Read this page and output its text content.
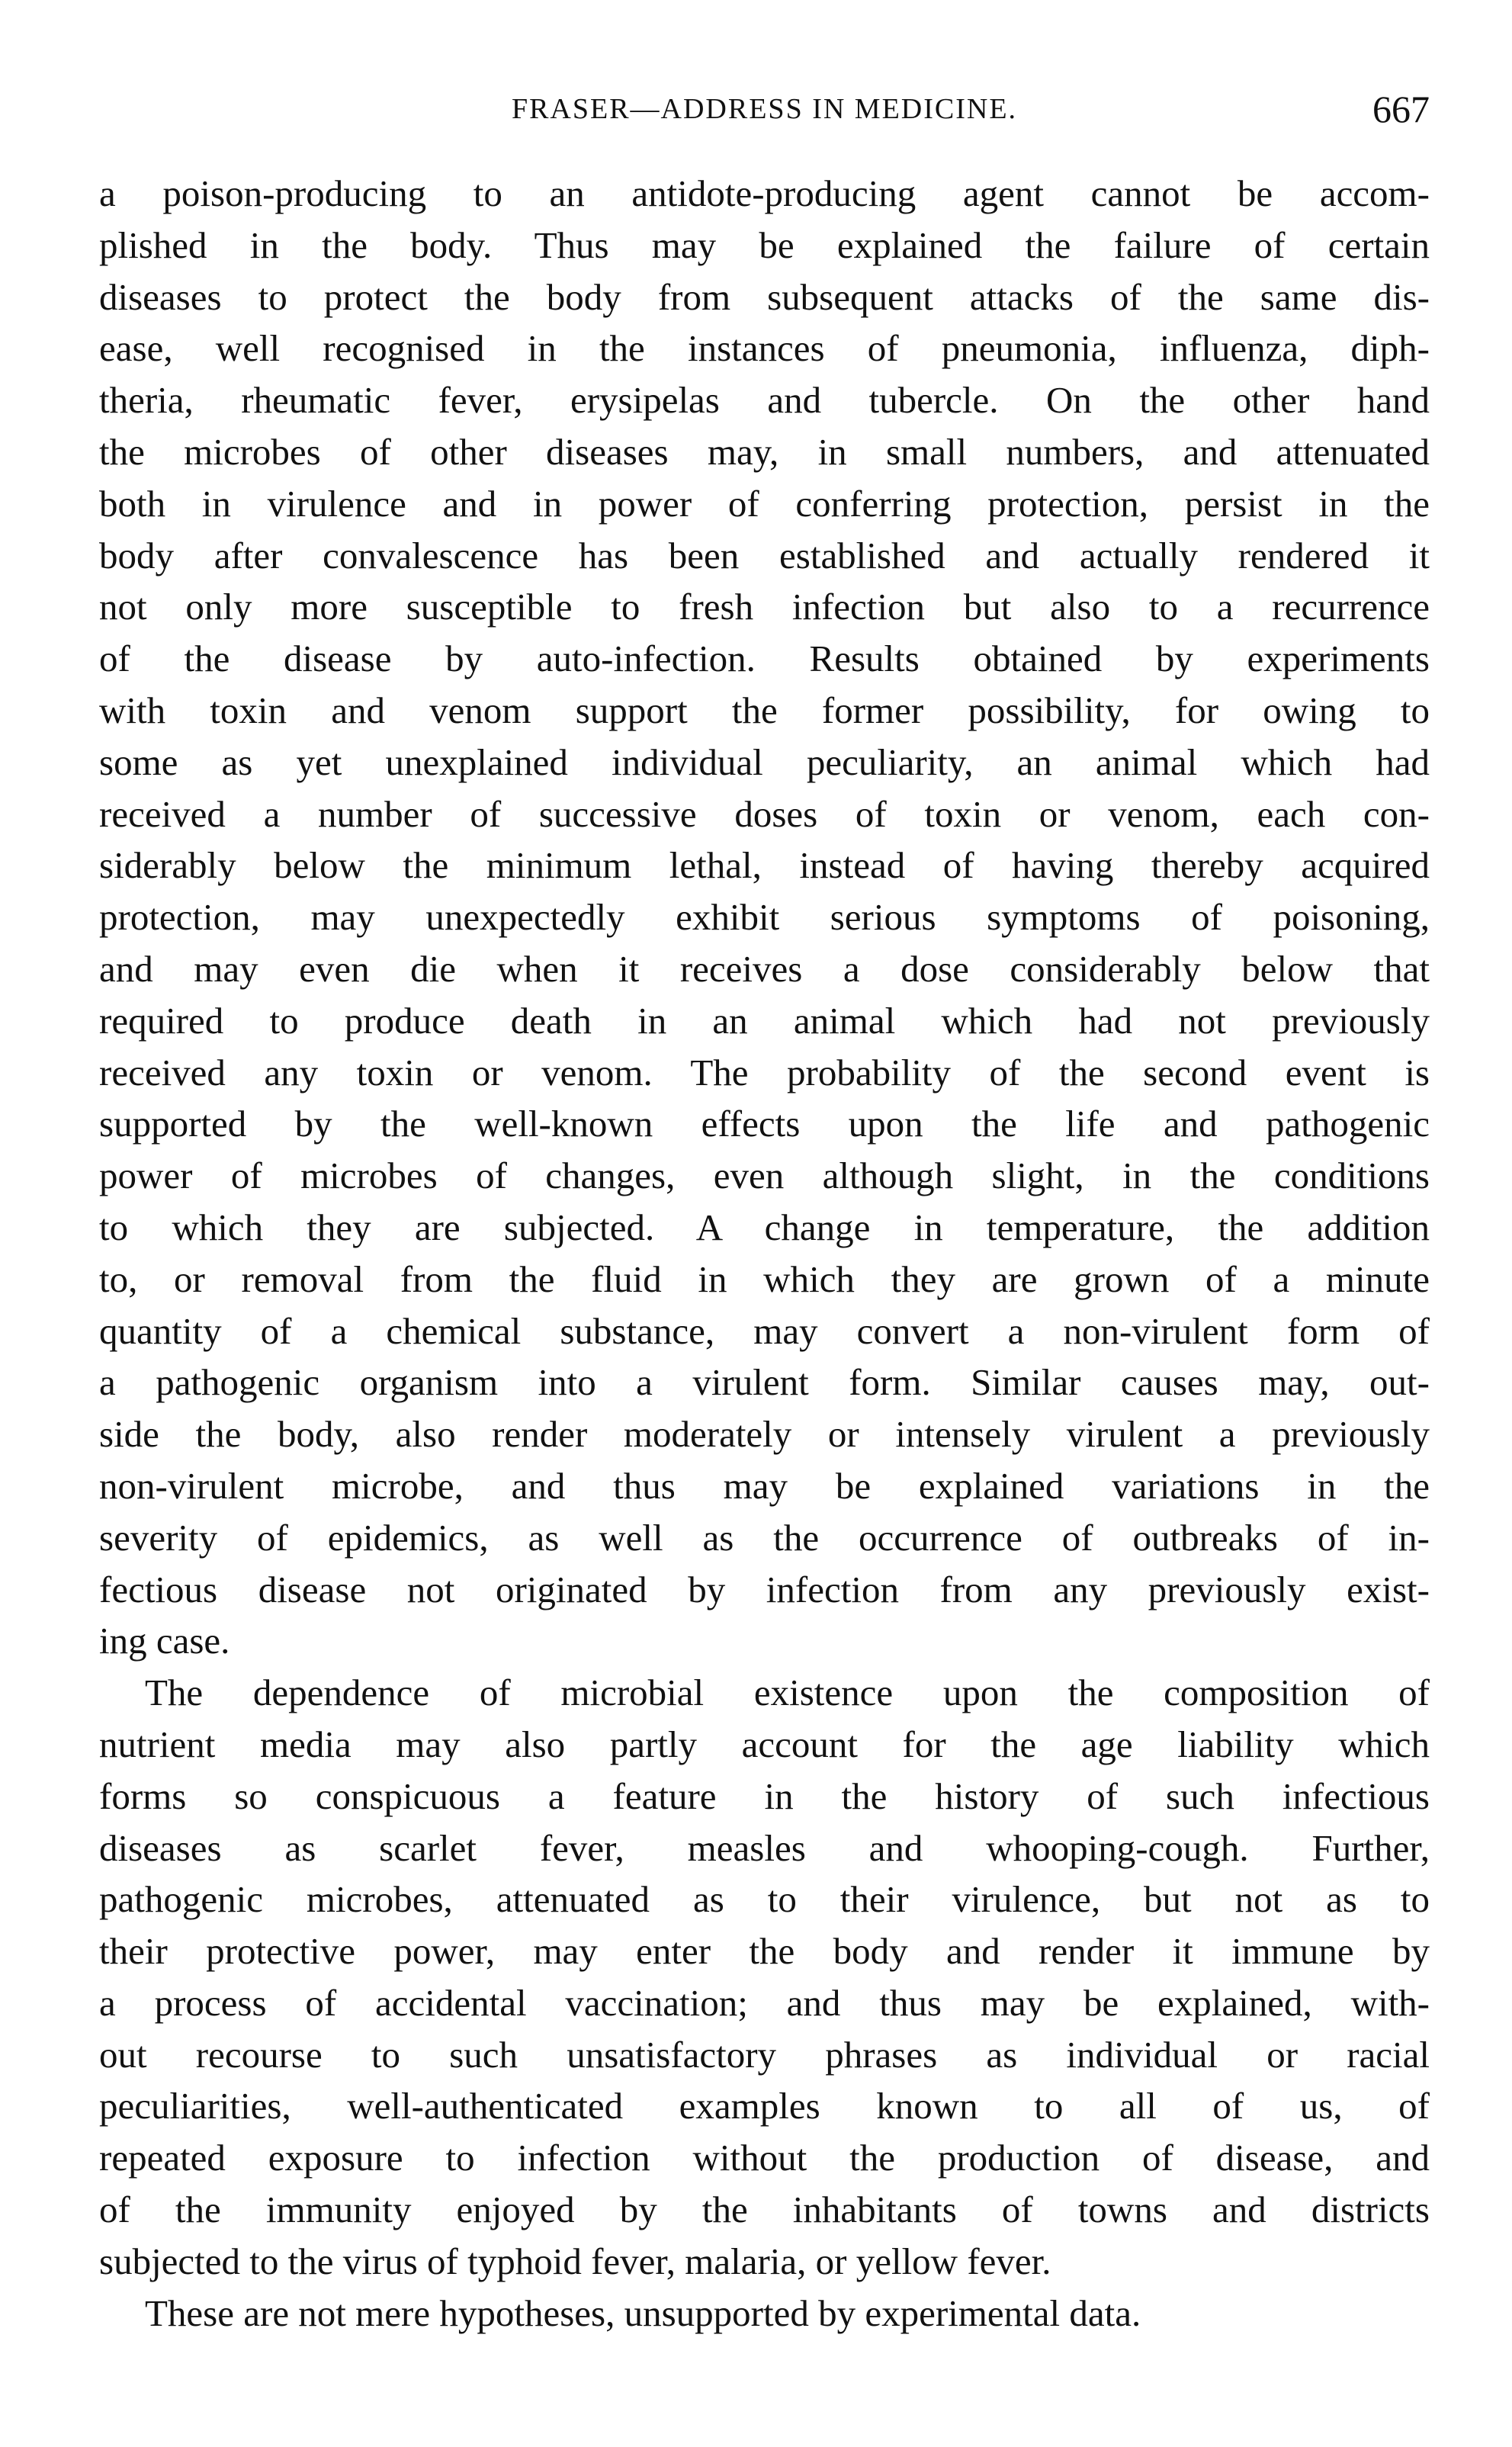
FRASER—ADDRESS IN MEDICINE.	667
a poison-producing to an antidote-producing agent cannot be accom-
plished in the body. Thus may be explained the failure of certain
diseases to protect the body from subsequent attacks of the same dis-
ease, well recognised in the instances of pneumonia, influenza, diph-
theria, rheumatic fever, erysipelas and tubercle. On the other hand
the microbes of other diseases may, in small numbers, and attenuated
both in virulence and in power of conferring protection, persist in the
body after convalescence has been established and actually rendered it
not only more susceptible to fresh infection but also to a recurrence
of the disease by auto-infection. Results obtained by experiments
with toxin and venom support the former possibility, for owing to
some as yet unexplained individual peculiarity, an animal which had
received a number of successive doses of toxin or venom, each con-
siderably below the minimum lethal, instead of having thereby acquired
protection, may unexpectedly exhibit serious symptoms of poisoning,
and may even die when it receives a dose considerably below that
required to produce death in an animal which had not previously
received any toxin or venom. The probability of the second event is
supported by the well-known effects upon the life and pathogenic
power of microbes of changes, even although slight, in the conditions
to which they are subjected. A change in temperature, the addition
to, or removal from the fluid in which they are grown of a minute
quantity of a chemical substance, may convert a non-virulent form of
a pathogenic organism into a virulent form. Similar causes may, out-
side the body, also render moderately or intensely virulent a previously
non-virulent microbe, and thus may be explained variations in the
severity of epidemics, as well as the occurrence of outbreaks of in-
fectious disease not originated by infection from any previously exist-
ing case.
The dependence of microbial existence upon the composition of
nutrient media may also partly account for the age liability which
forms so conspicuous a feature in the history of such infectious
diseases as scarlet fever, measles and whooping-cough. Further,
pathogenic microbes, attenuated as to their virulence, but not as to
their protective power, may enter the body and render it immune by
a process of accidental vaccination; and thus may be explained, with-
out recourse to such unsatisfactory phrases as individual or racial
peculiarities, well-authenticated examples known to all of us, of
repeated exposure to infection without the production of disease, and
of the immunity enjoyed by the inhabitants of towns and districts
subjected to the virus of typhoid fever, malaria, or yellow fever.
These are not mere hypotheses, unsupported by experimental data.
